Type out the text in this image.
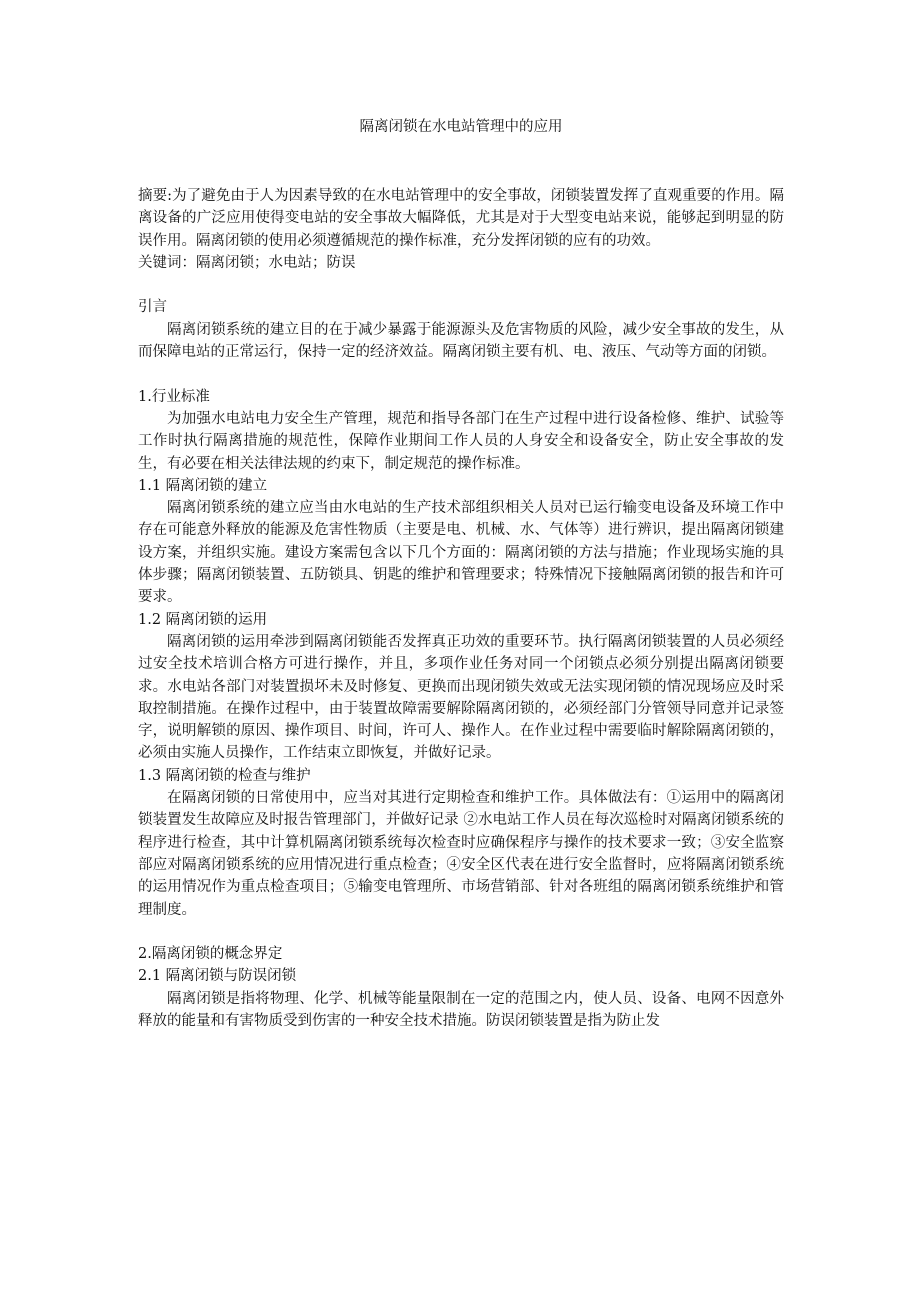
隔离闭锁在水电站管理中的应用

摘要:为了避免由于人为因素导致的在水电站管理中的安全事故，闭锁装置发挥了直观重要的作用。隔离设备的广泛应用使得变电站的安全事故大幅降低，尤其是对于大型变电站来说，能够起到明显的防误作用。隔离闭锁的使用必须遵循规范的操作标准，充分发挥闭锁的应有的功效。

关键词：隔离闭锁；水电站；防误

引言

隔离闭锁系统的建立目的在于减少暴露于能源源头及危害物质的风险，减少安全事故的发生，从而保障电站的正常运行，保持一定的经济效益。隔离闭锁主要有机、电、液压、气动等方面的闭锁。

1.行业标准

为加强水电站电力安全生产管理，规范和指导各部门在生产过程中进行设备检修、维护、试验等工作时执行隔离措施的规范性，保障作业期间工作人员的人身安全和设备安全，防止安全事故的发生，有必要在相关法律法规的约束下，制定规范的操作标准。

1.1 隔离闭锁的建立

隔离闭锁系统的建立应当由水电站的生产技术部组织相关人员对已运行输变电设备及环境工作中存在可能意外释放的能源及危害性物质（主要是电、机械、水、气体等）进行辨识，提出隔离闭锁建设方案，并组织实施。建设方案需包含以下几个方面的：隔离闭锁的方法与措施；作业现场实施的具体步骤；隔离闭锁装置、五防锁具、钥匙的维护和管理要求；特殊情况下接触隔离闭锁的报告和许可要求。

1.2 隔离闭锁的运用

隔离闭锁的运用牵涉到隔离闭锁能否发挥真正功效的重要环节。执行隔离闭锁装置的人员必须经过安全技术培训合格方可进行操作，并且，多项作业任务对同一个闭锁点必须分别提出隔离闭锁要求。水电站各部门对装置损坏未及时修复、更换而出现闭锁失效或无法实现闭锁的情况现场应及时采取控制措施。在操作过程中，由于装置故障需要解除隔离闭锁的，必须经部门分管领导同意并记录签字，说明解锁的原因、操作项目、时间，许可人、操作人。在作业过程中需要临时解除隔离闭锁的，必须由实施人员操作，工作结束立即恢复，并做好记录。

1.3 隔离闭锁的检查与维护

在隔离闭锁的日常使用中，应当对其进行定期检查和维护工作。具体做法有：①运用中的隔离闭锁装置发生故障应及时报告管理部门，并做好记录 ②水电站工作人员在每次巡检时对隔离闭锁系统的程序进行检查，其中计算机隔离闭锁系统每次检查时应确保程序与操作的技术要求一致；③安全监察部应对隔离闭锁系统的应用情况进行重点检查；④安全区代表在进行安全监督时，应将隔离闭锁系统的运用情况作为重点检查项目；⑤输变电管理所、市场营销部、针对各班组的隔离闭锁系统维护和管理制度。

2.隔离闭锁的概念界定

2.1 隔离闭锁与防误闭锁

隔离闭锁是指将物理、化学、机械等能量限制在一定的范围之内，使人员、设备、电网不因意外释放的能量和有害物质受到伤害的一种安全技术措施。防误闭锁装置是指为防止发
